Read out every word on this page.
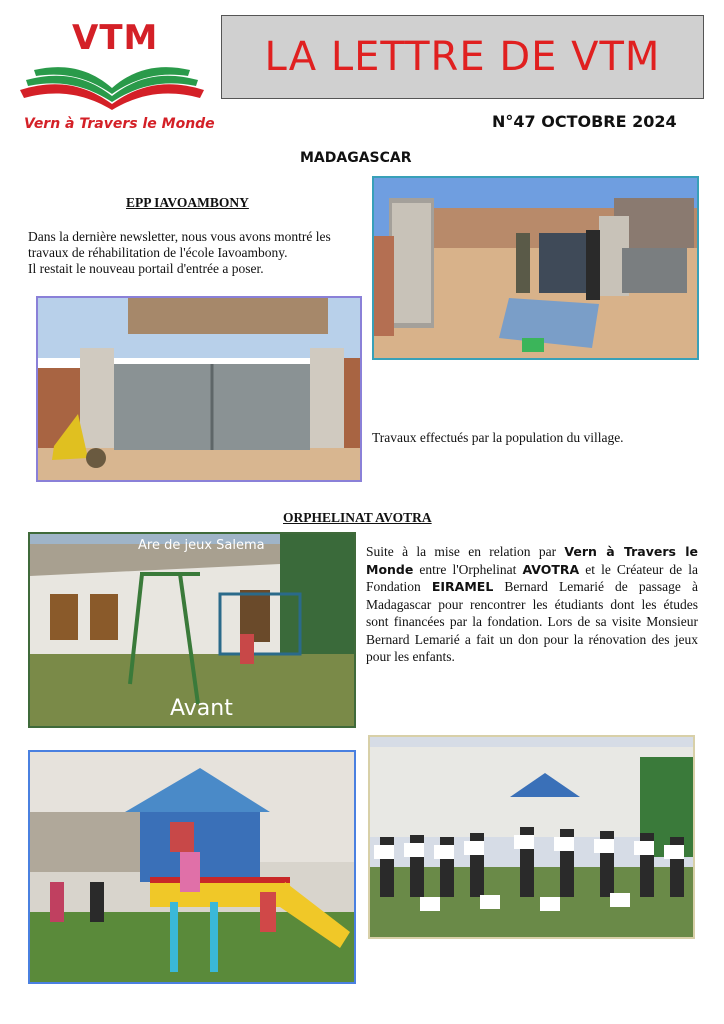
VTM
Vern à Travers le Monde
LA LETTRE DE VTM
N°47 OCTOBRE 2024
MADAGASCAR
EPP IAVOAMBONY
Dans la dernière newsletter, nous vous avons montré les
travaux de réhabilitation de l'école Iavoambony.
Il restait le nouveau portail d'entrée a poser.
Travaux effectués par la population du village.
ORPHELINAT AVOTRA
Are de jeux Salema
Avant
Suite à la mise en relation par Vern à Travers le Monde entre l'Orphelinat AVOTRA et le Créateur de la Fondation EIRAMEL Bernard Lemarié de passage à Madagascar pour rencontrer les étudiants dont les études sont financées par la fondation. Lors de sa visite Monsieur Bernard Lemarié a fait un don pour la rénovation des jeux pour les enfants.
